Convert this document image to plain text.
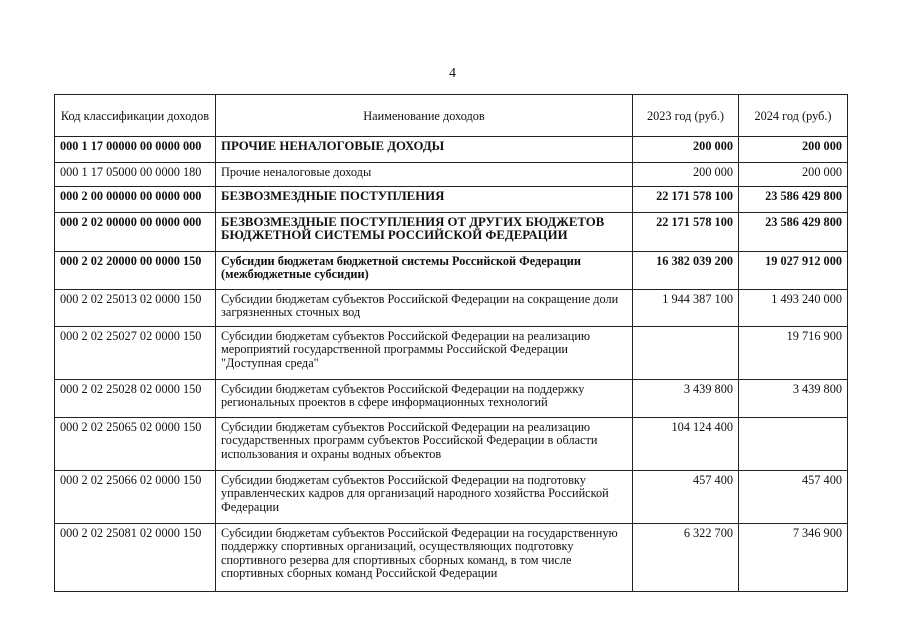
4
Код классификации доходов	Наименование доходов	2023 год (руб.)	2024 год (руб.)
000 1 17 00000 00 0000 000	ПРОЧИЕ НЕНАЛОГОВЫЕ ДОХОДЫ	200 000	200 000
000 1 17 05000 00 0000 180	Прочие неналоговые доходы	200 000	200 000
000 2 00 00000 00 0000 000	БЕЗВОЗМЕЗДНЫЕ ПОСТУПЛЕНИЯ	22 171 578 100	23 586 429 800
000 2 02 00000 00 0000 000	БЕЗВОЗМЕЗДНЫЕ ПОСТУПЛЕНИЯ ОТ ДРУГИХ БЮДЖЕТОВ БЮДЖЕТНОЙ СИСТЕМЫ РОССИЙСКОЙ ФЕДЕРАЦИИ	22 171 578 100	23 586 429 800
000 2 02 20000 00 0000 150	Субсидии бюджетам бюджетной системы Российской Федерации (межбюджетные субсидии)	16 382 039 200	19 027 912 000
000 2 02 25013 02 0000 150	Субсидии бюджетам субъектов Российской Федерации на сокращение доли загрязненных сточных вод	1 944 387 100	1 493 240 000
000 2 02 25027 02 0000 150	Субсидии бюджетам субъектов Российской Федерации на реализацию мероприятий государственной программы Российской Федерации "Доступная среда"		19 716 900
000 2 02 25028 02 0000 150	Субсидии бюджетам субъектов Российской Федерации на поддержку региональных проектов в сфере информационных технологий	3 439 800	3 439 800
000 2 02 25065 02 0000 150	Субсидии бюджетам субъектов Российской Федерации на реализацию государственных программ субъектов Российской Федерации в области использования и охраны водных объектов	104 124 400	
000 2 02 25066 02 0000 150	Субсидии бюджетам субъектов Российской Федерации на подготовку управленческих кадров для организаций народного хозяйства Российской Федерации	457 400	457 400
000 2 02 25081 02 0000 150	Субсидии бюджетам субъектов Российской Федерации на государственную поддержку спортивных организаций, осуществляющих подготовку спортивного резерва для спортивных сборных команд, в том числе спортивных сборных команд Российской Федерации	6 322 700	7 346 900
